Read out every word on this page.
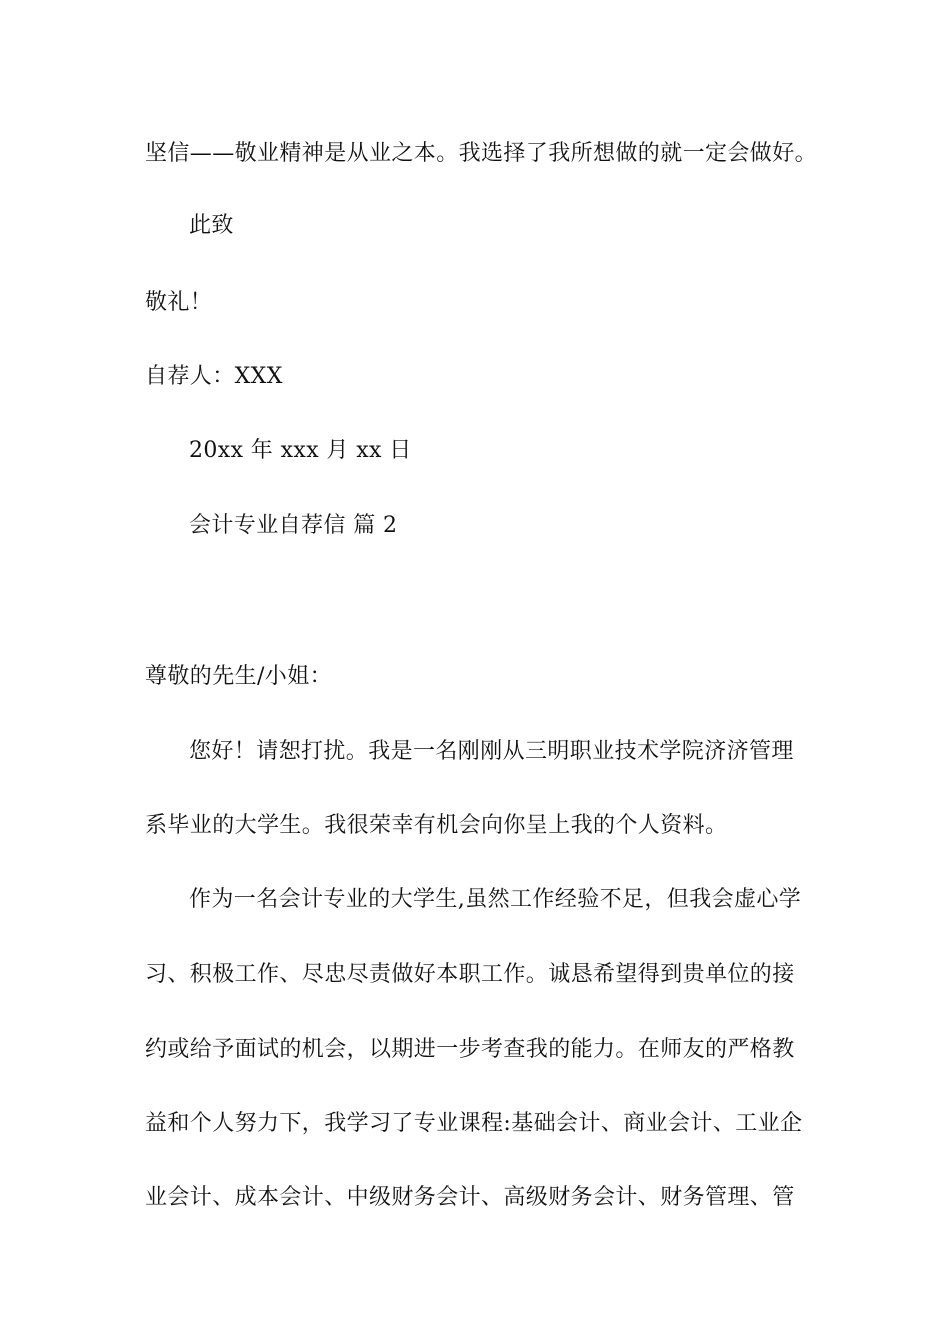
坚信——敬业精神是从业之本。我选择了我所想做的就一定会做好。
此致
敬礼！
自荐人：XXX
20xx 年 xxx 月 xx 日
会计专业自荐信 篇 2
尊敬的先生/小姐：
您好！请恕打扰。我是一名刚刚从三明职业技术学院济济管理
系毕业的大学生。我很荣幸有机会向你呈上我的个人资料。
作为一名会计专业的大学生,虽然工作经验不足，但我会虚心学
习、积极工作、尽忠尽责做好本职工作。诚恳希望得到贵单位的接
约或给予面试的机会，以期进一步考查我的能力。在师友的严格教
益和个人努力下，我学习了专业课程:基础会计、商业会计、工业企
业会计、成本会计、中级财务会计、高级财务会计、财务管理、管
